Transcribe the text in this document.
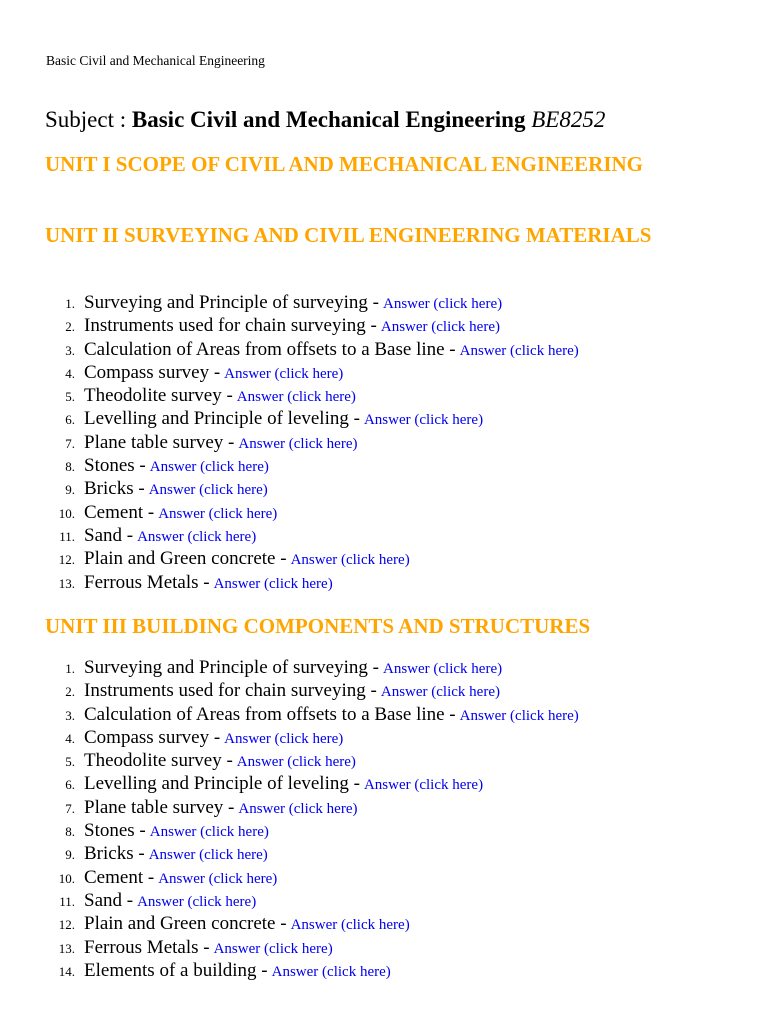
Basic Civil and Mechanical Engineering
Subject : Basic Civil and Mechanical Engineering BE8252
UNIT I SCOPE OF CIVIL AND MECHANICAL ENGINEERING
UNIT II SURVEYING AND CIVIL ENGINEERING MATERIALS
1. Surveying and Principle of surveying - Answer (click here)
2. Instruments used for chain surveying - Answer (click here)
3. Calculation of Areas from offsets to a Base line - Answer (click here)
4. Compass survey - Answer (click here)
5. Theodolite survey - Answer (click here)
6. Levelling and Principle of leveling - Answer (click here)
7. Plane table survey - Answer (click here)
8. Stones - Answer (click here)
9. Bricks - Answer (click here)
10. Cement - Answer (click here)
11. Sand - Answer (click here)
12. Plain and Green concrete - Answer (click here)
13. Ferrous Metals - Answer (click here)
UNIT III BUILDING COMPONENTS AND STRUCTURES
1. Surveying and Principle of surveying - Answer (click here)
2. Instruments used for chain surveying - Answer (click here)
3. Calculation of Areas from offsets to a Base line - Answer (click here)
4. Compass survey - Answer (click here)
5. Theodolite survey - Answer (click here)
6. Levelling and Principle of leveling - Answer (click here)
7. Plane table survey - Answer (click here)
8. Stones - Answer (click here)
9. Bricks - Answer (click here)
10. Cement - Answer (click here)
11. Sand - Answer (click here)
12. Plain and Green concrete - Answer (click here)
13. Ferrous Metals - Answer (click here)
14. Elements of a building - Answer (click here)
